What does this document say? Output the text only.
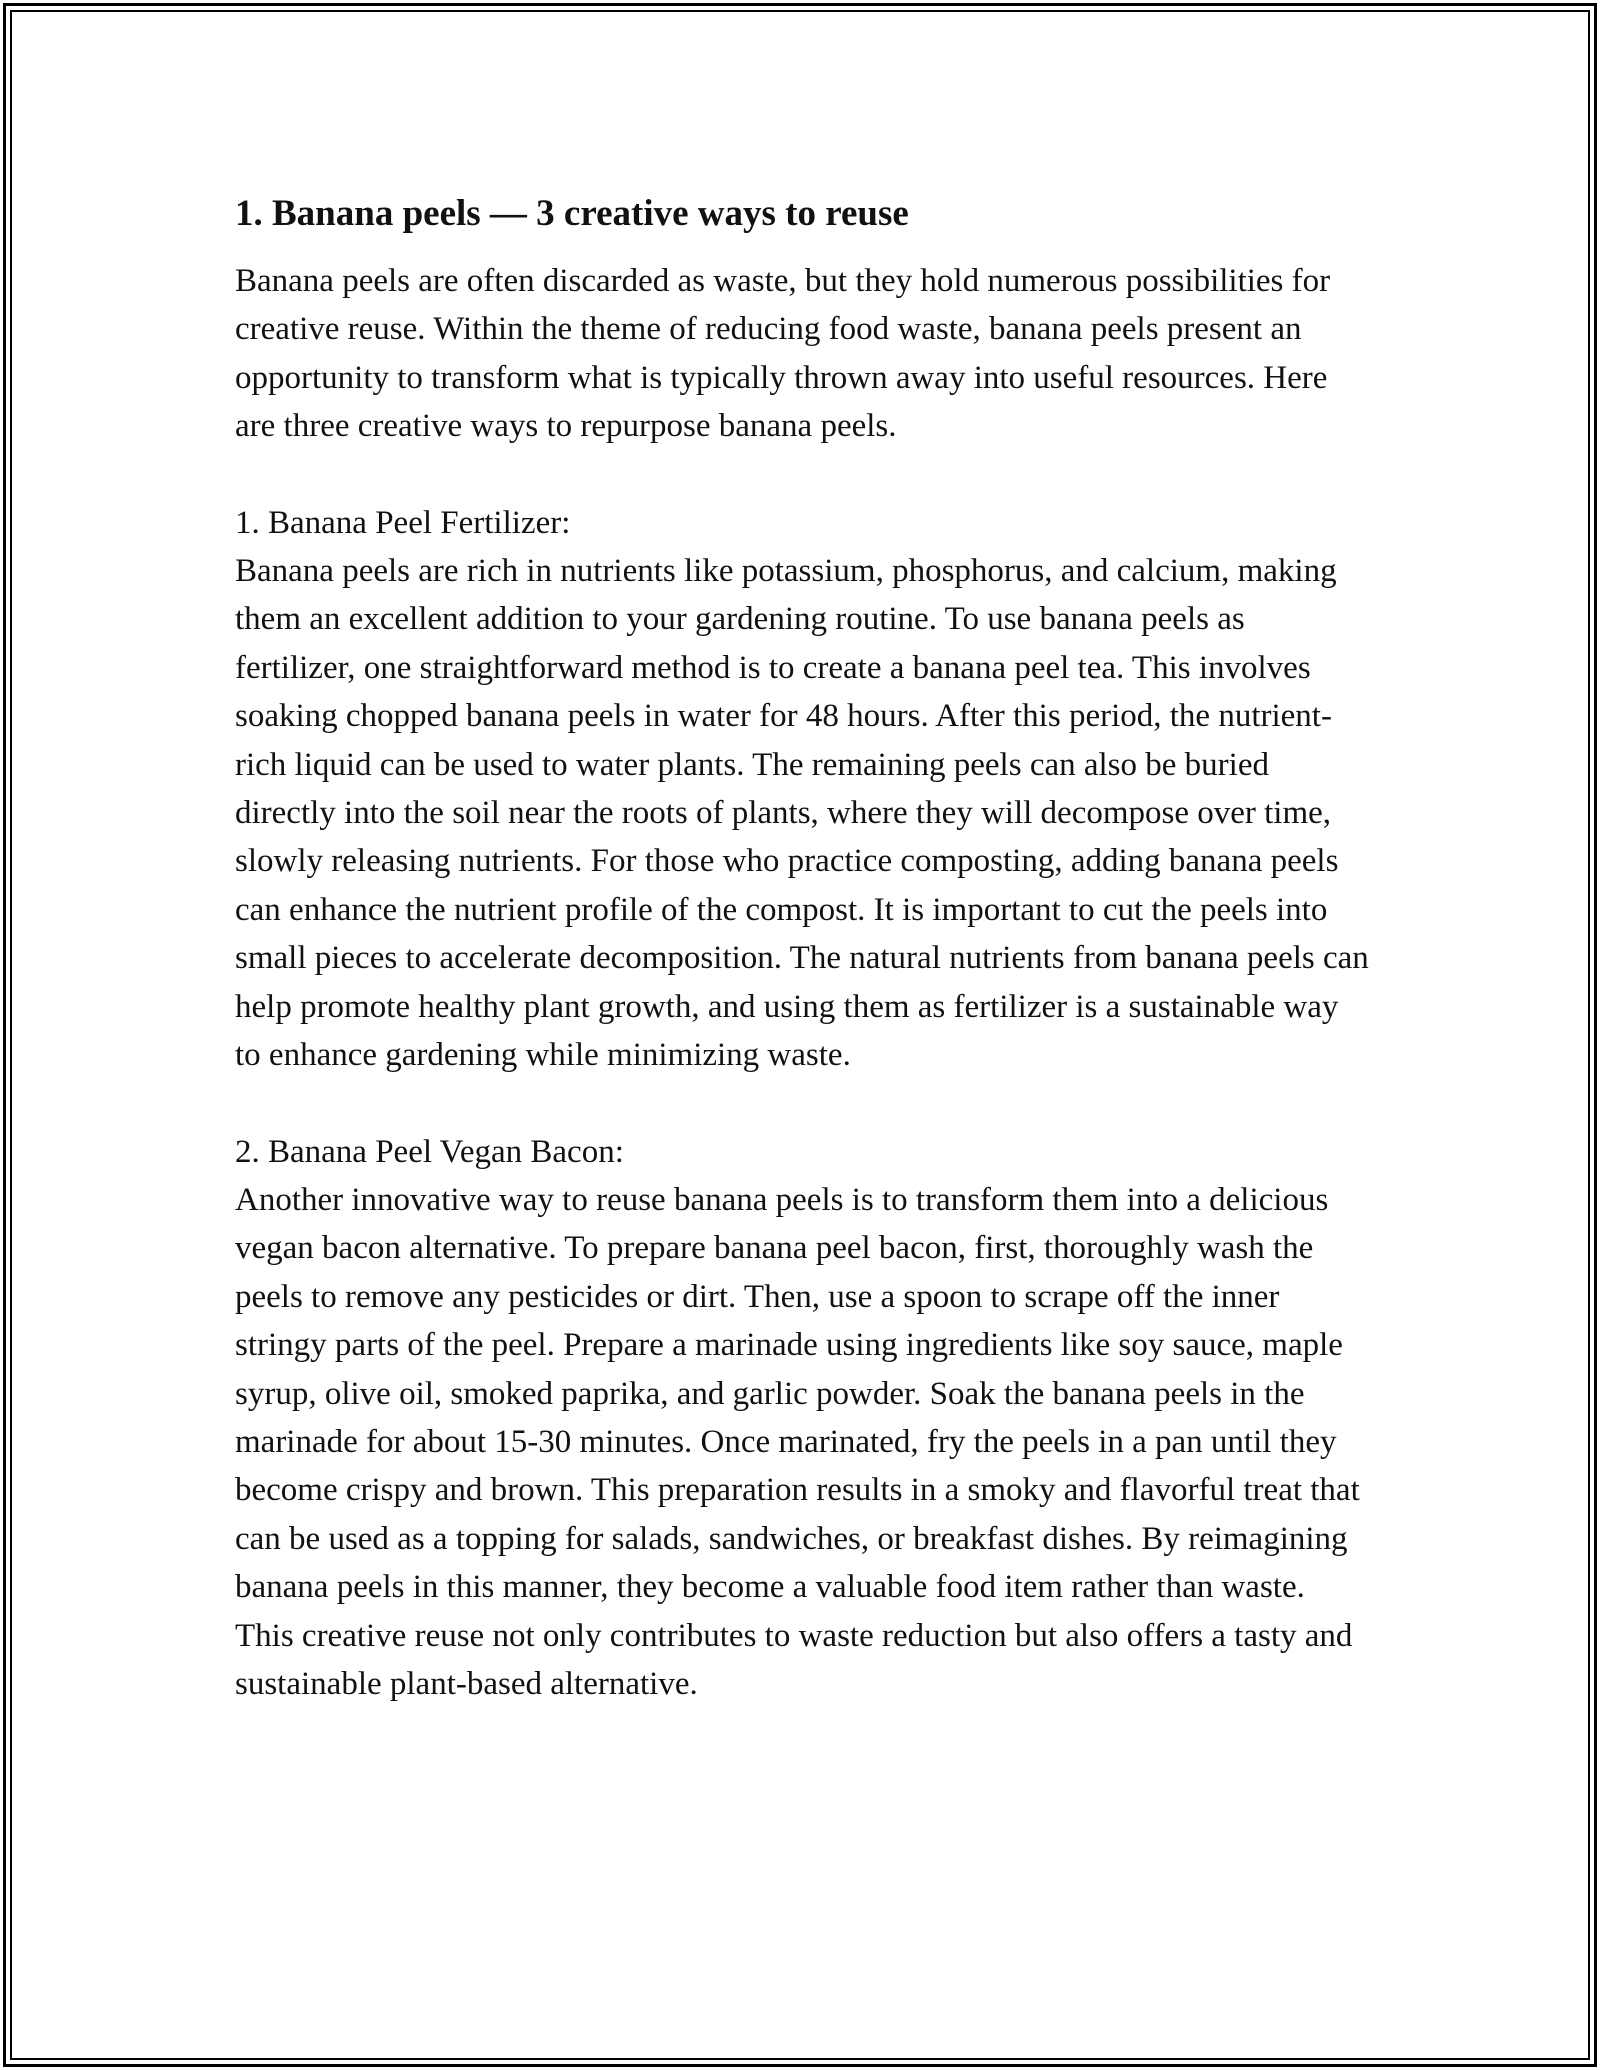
1. Banana peels — 3 creative ways to reuse

Banana peels are often discarded as waste, but they hold numerous possibilities for creative reuse. Within the theme of reducing food waste, banana peels present an opportunity to transform what is typically thrown away into useful resources. Here are three creative ways to repurpose banana peels.

1. Banana Peel Fertilizer:

Banana peels are rich in nutrients like potassium, phosphorus, and calcium, making them an excellent addition to your gardening routine. To use banana peels as fertilizer, one straightforward method is to create a banana peel tea. This involves soaking chopped banana peels in water for 48 hours. After this period, the nutrient-rich liquid can be used to water plants. The remaining peels can also be buried directly into the soil near the roots of plants, where they will decompose over time, slowly releasing nutrients. For those who practice composting, adding banana peels can enhance the nutrient profile of the compost. It is important to cut the peels into small pieces to accelerate decomposition. The natural nutrients from banana peels can help promote healthy plant growth, and using them as fertilizer is a sustainable way to enhance gardening while minimizing waste.

2. Banana Peel Vegan Bacon:

Another innovative way to reuse banana peels is to transform them into a delicious vegan bacon alternative. To prepare banana peel bacon, first, thoroughly wash the peels to remove any pesticides or dirt. Then, use a spoon to scrape off the inner stringy parts of the peel. Prepare a marinade using ingredients like soy sauce, maple syrup, olive oil, smoked paprika, and garlic powder. Soak the banana peels in the marinade for about 15-30 minutes. Once marinated, fry the peels in a pan until they become crispy and brown. This preparation results in a smoky and flavorful treat that can be used as a topping for salads, sandwiches, or breakfast dishes. By reimagining banana peels in this manner, they become a valuable food item rather than waste. This creative reuse not only contributes to waste reduction but also offers a tasty and sustainable plant-based alternative.
